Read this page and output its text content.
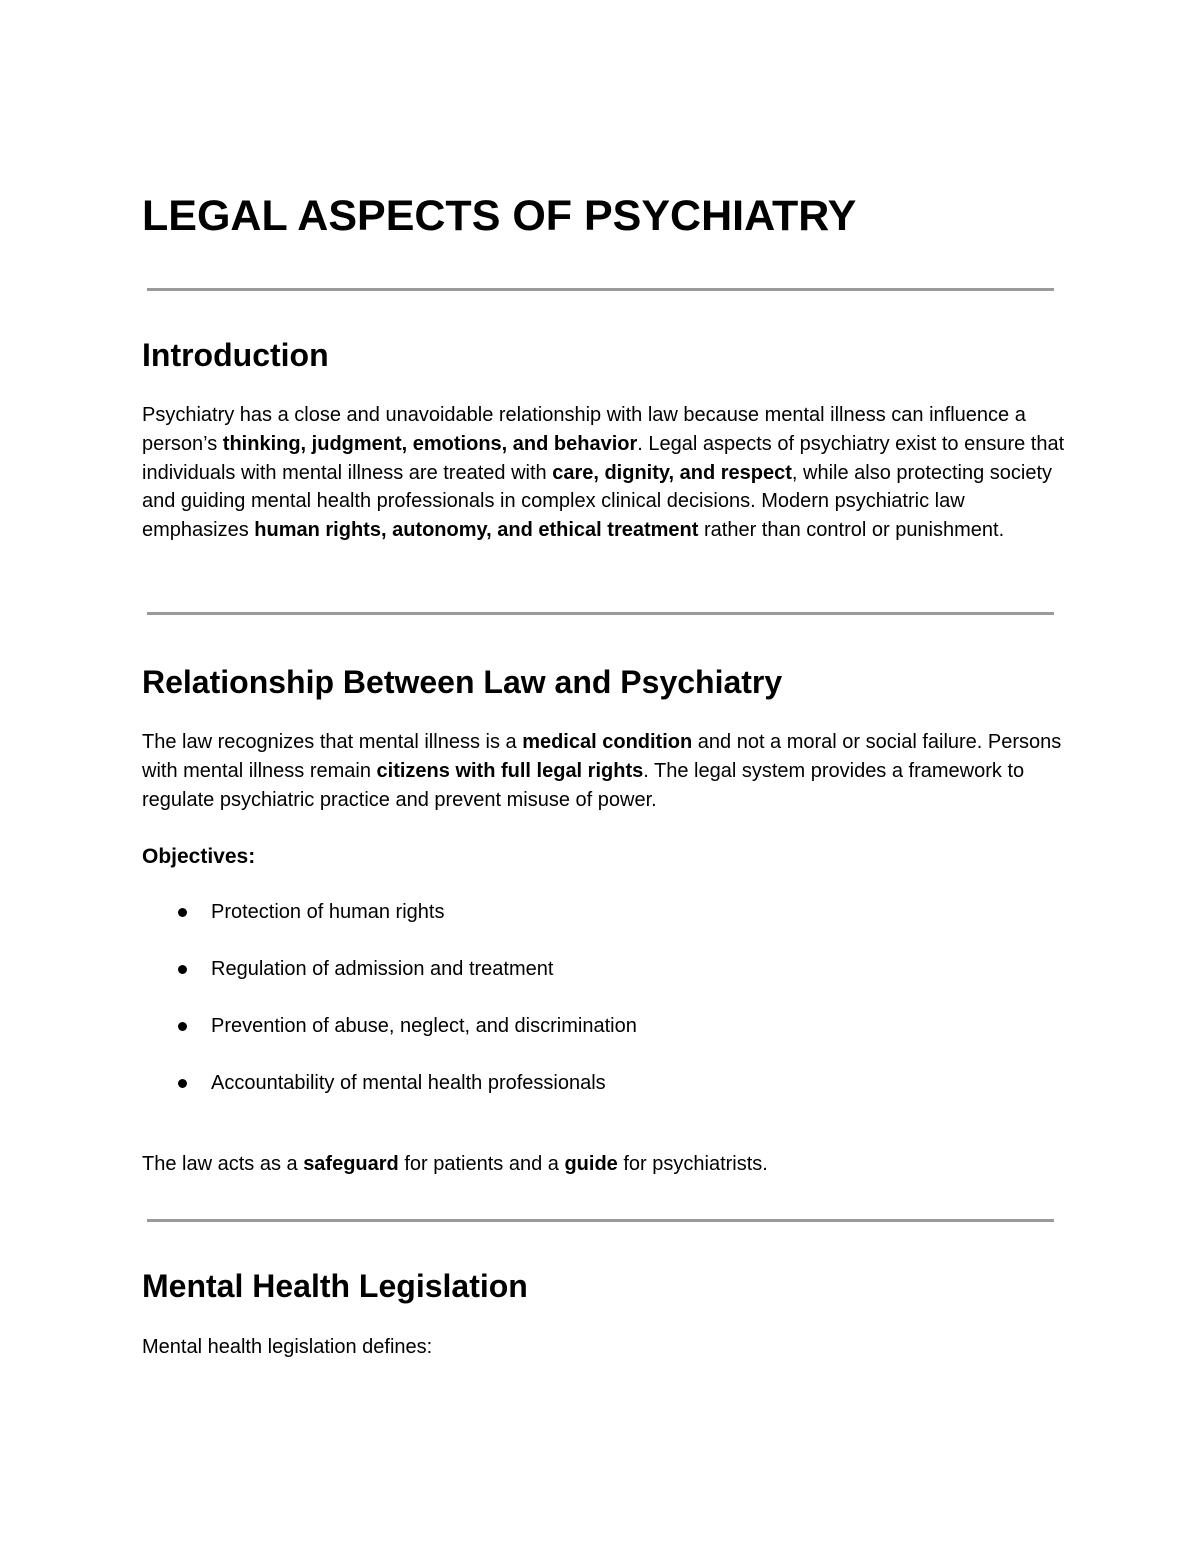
LEGAL ASPECTS OF PSYCHIATRY
Introduction

Psychiatry has a close and unavoidable relationship with law because mental illness can influence a person’s thinking, judgment, emotions, and behavior. Legal aspects of psychiatry exist to ensure that individuals with mental illness are treated with care, dignity, and respect, while also protecting society and guiding mental health professionals in complex clinical decisions. Modern psychiatric law emphasizes human rights, autonomy, and ethical treatment rather than control or punishment.

Relationship Between Law and Psychiatry

The law recognizes that mental illness is a medical condition and not a moral or social failure. Persons with mental illness remain citizens with full legal rights. The legal system provides a framework to regulate psychiatric practice and prevent misuse of power.

Objectives:
Protection of human rights
Regulation of admission and treatment
Prevention of abuse, neglect, and discrimination
Accountability of mental health professionals

The law acts as a safeguard for patients and a guide for psychiatrists.

Mental Health Legislation

Mental health legislation defines:
